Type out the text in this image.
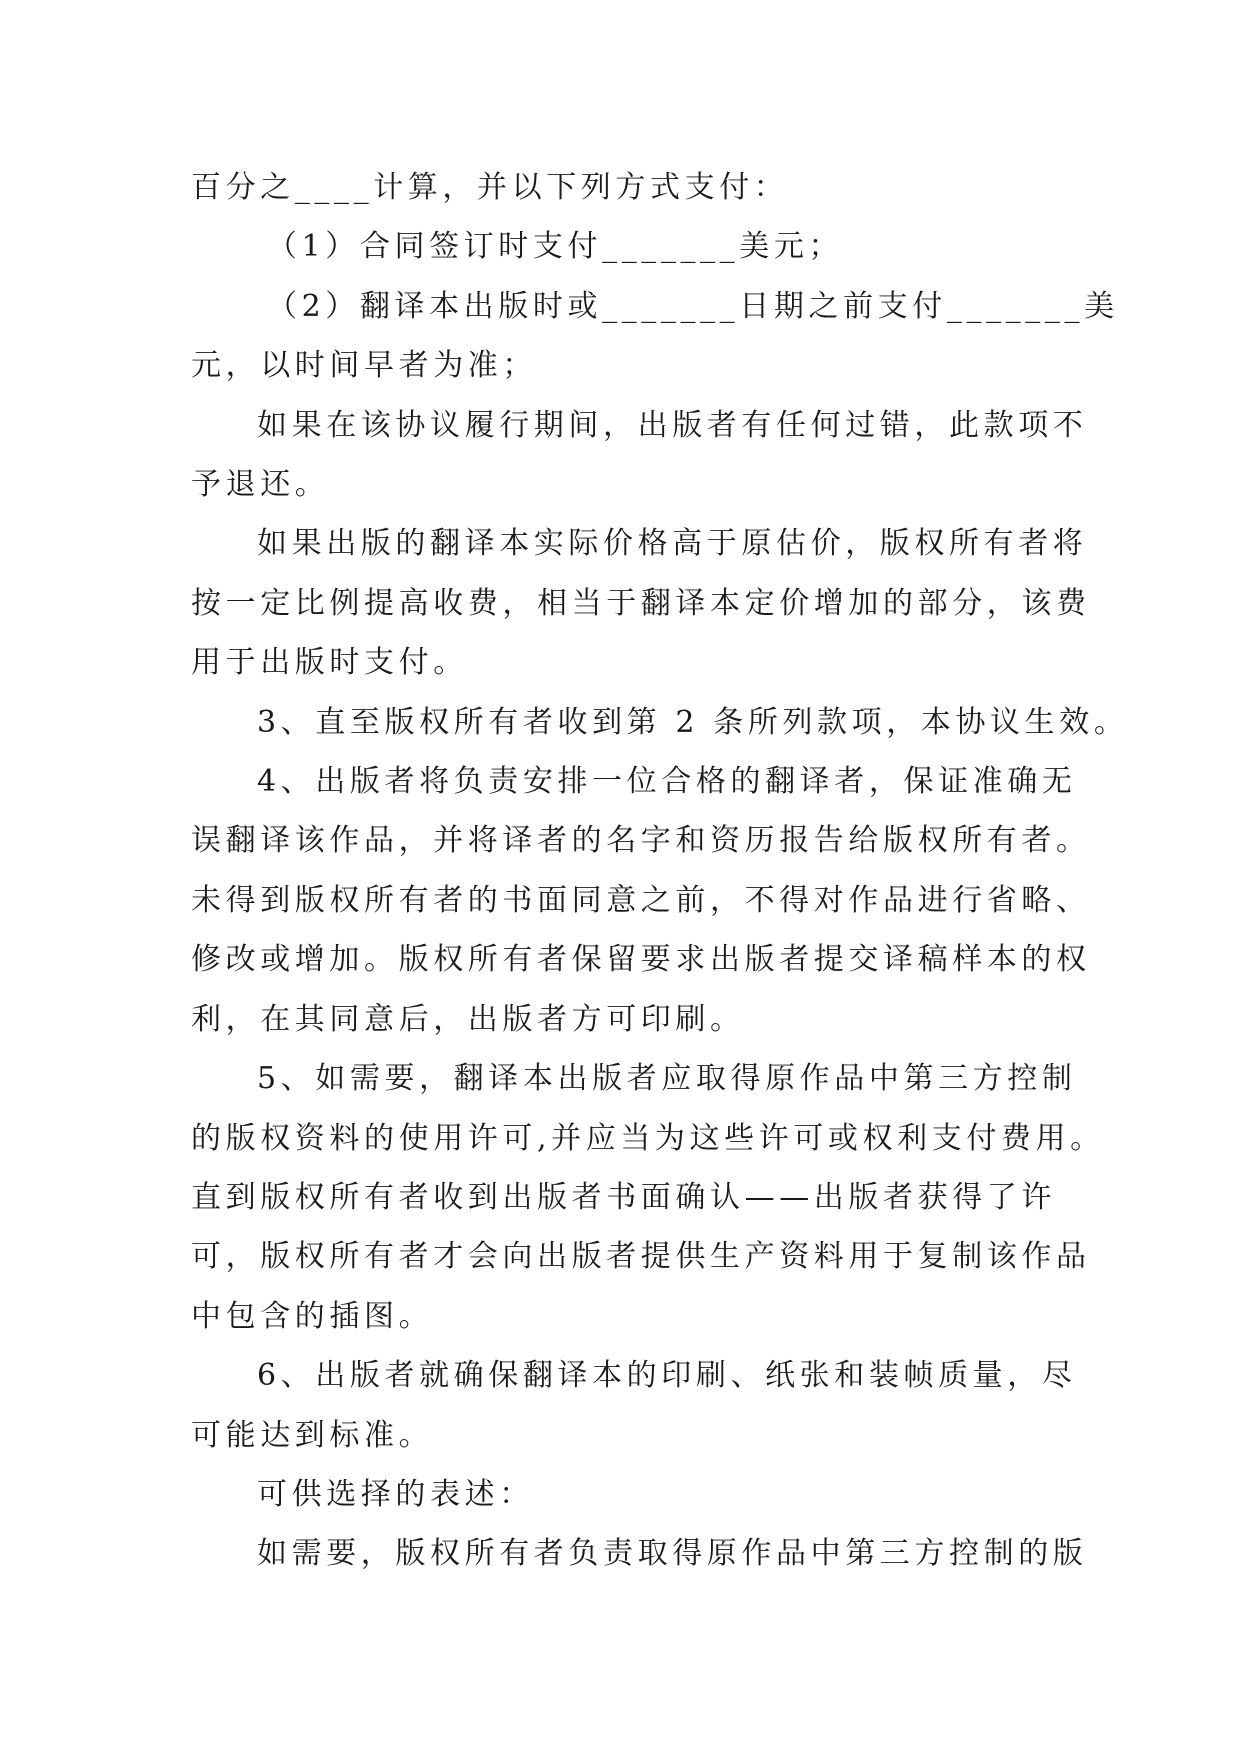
百分之____计算，并以下列方式支付：

（1）合同签订时支付_______美元；

（2）翻译本出版时或_______日期之前支付_______美

元，以时间早者为准；

如果在该协议履行期间，出版者有任何过错，此款项不

予退还。

如果出版的翻译本实际价格高于原估价，版权所有者将

按一定比例提高收费，相当于翻译本定价增加的部分，该费

用于出版时支付。

3、直至版权所有者收到第 2 条所列款项，本协议生效。

4、出版者将负责安排一位合格的翻译者，保证准确无

误翻译该作品，并将译者的名字和资历报告给版权所有者。

未得到版权所有者的书面同意之前，不得对作品进行省略、

修改或增加。版权所有者保留要求出版者提交译稿样本的权

利，在其同意后，出版者方可印刷。

5、如需要，翻译本出版者应取得原作品中第三方控制

的版权资料的使用许可,并应当为这些许可或权利支付费用。

直到版权所有者收到出版者书面确认——出版者获得了许

可，版权所有者才会向出版者提供生产资料用于复制该作品

中包含的插图。

6、出版者就确保翻译本的印刷、纸张和装帧质量，尽

可能达到标准。

可供选择的表述：

如需要，版权所有者负责取得原作品中第三方控制的版
